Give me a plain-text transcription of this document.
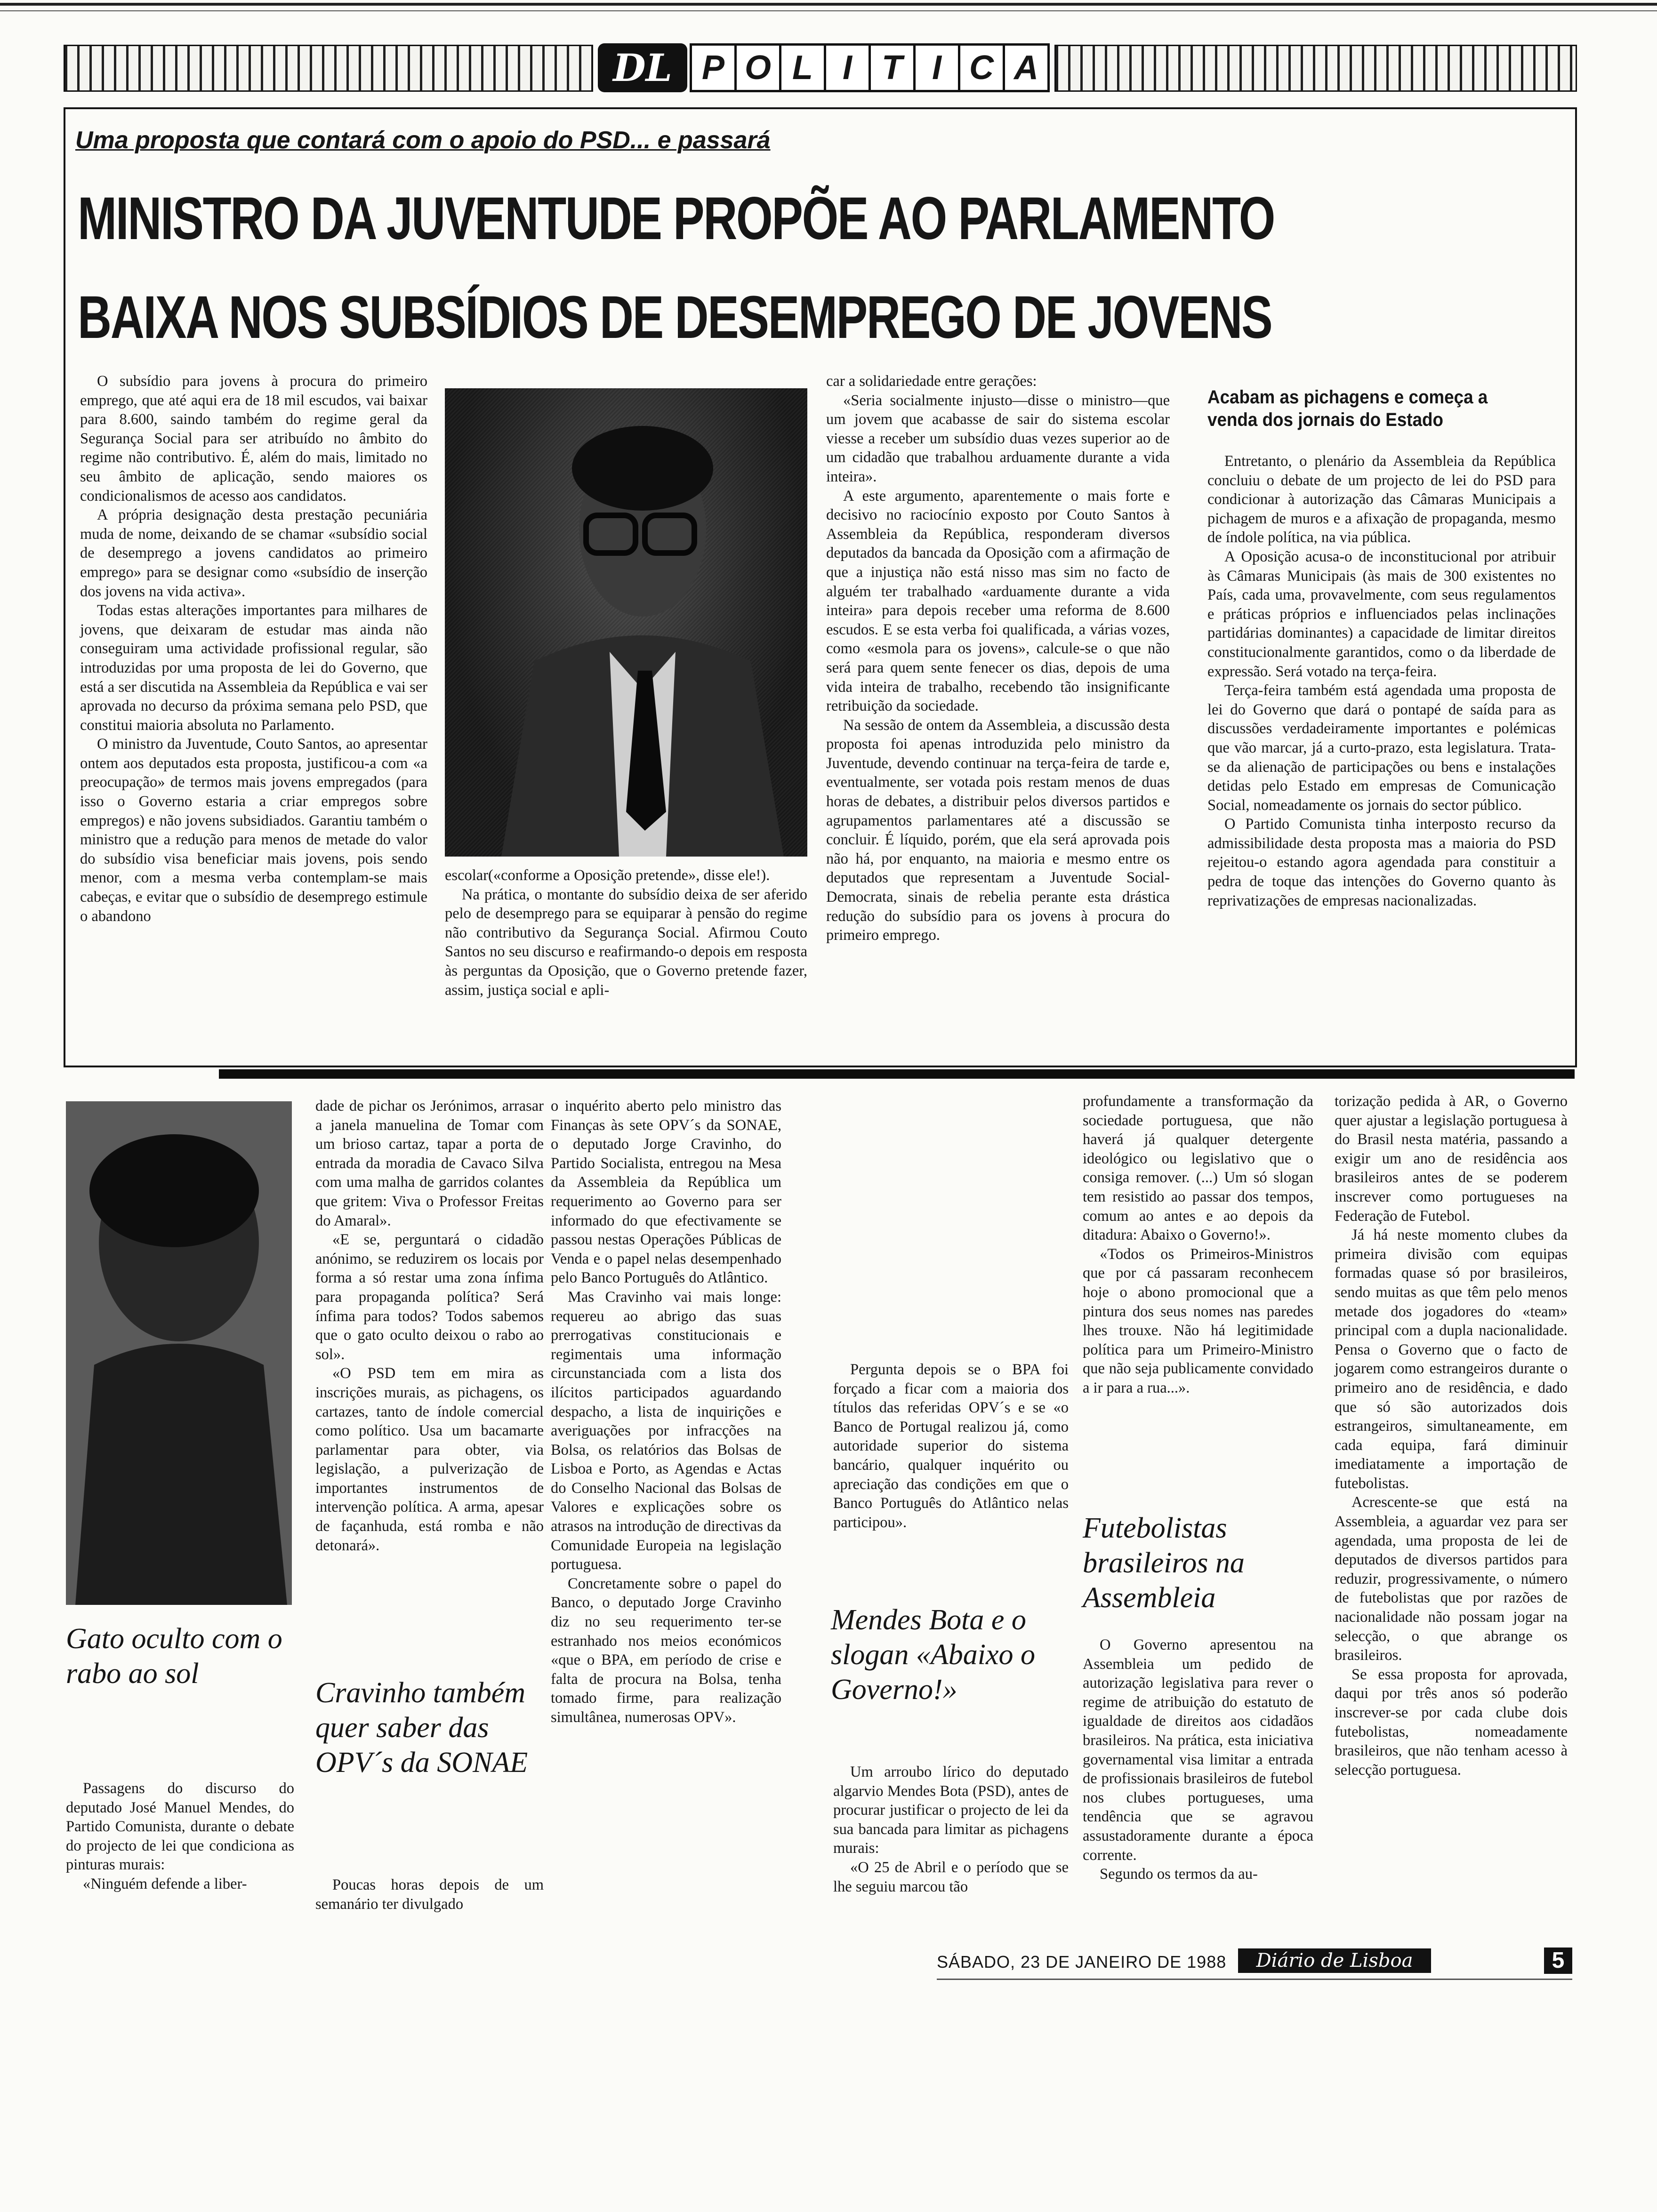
DL P O L I T I C A
Uma proposta que contará com o apoio do PSD... e passará
MINISTRO DA JUVENTUDE PROPÕE AO PARLAMENTO
BAIXA NOS SUBSÍDIOS DE DESEMPREGO DE JOVENS

O subsídio para jovens à procura do primeiro emprego, que até aqui era de 18 mil escudos, vai baixar para 8.600, saindo também do regime geral da Segurança Social para ser atribuído no âmbito do regime não contributivo. É, além do mais, limitado no seu âmbito de aplicação, sendo maiores os condicionalismos de acesso aos candidatos.

A própria designação desta prestação pecuniária muda de nome, deixando de se chamar «subsídio social de desemprego a jovens candidatos ao primeiro emprego» para se designar como «subsídio de inserção dos jovens na vida activa».

Todas estas alterações importantes para milhares de jovens, que deixaram de estudar mas ainda não conseguiram uma actividade profissional regular, são introduzidas por uma proposta de lei do Governo, que está a ser discutida na Assembleia da República e vai ser aprovada no decurso da próxima semana pelo PSD, que constitui maioria absoluta no Parlamento.

O ministro da Juventude, Couto Santos, ao apresentar ontem aos deputados esta proposta, justificou-a com «a preocupação» de termos mais jovens empregados (para isso o Governo estaria a criar empregos sobre empregos) e não jovens subsidiados. Garantiu também o ministro que a redução para menos de metade do valor do subsídio visa beneficiar mais jovens, pois sendo menor, com a mesma verba contemplam-se mais cabeças, e evitar que o subsídio de desemprego estimule o abandono

escolar(«conforme a Oposição pretende», disse ele!).

Na prática, o montante do subsídio deixa de ser aferido pelo de desemprego para se equiparar à pensão do regime não contributivo da Segurança Social. Afirmou Couto Santos no seu discurso e reafirmando-o depois em resposta às perguntas da Oposição, que o Governo pretende fazer, assim, justiça social e apli-

car a solidariedade entre gerações:

«Seria socialmente injusto—disse o ministro—que um jovem que acabasse de sair do sistema escolar viesse a receber um subsídio duas vezes superior ao de um cidadão que trabalhou arduamente durante a vida inteira».

A este argumento, aparentemente o mais forte e decisivo no raciocínio exposto por Couto Santos à Assembleia da República, responderam diversos deputados da bancada da Oposição com a afirmação de que a injustiça não está nisso mas sim no facto de alguém ter trabalhado «arduamente durante a vida inteira» para depois receber uma reforma de 8.600 escudos. E se esta verba foi qualificada, a várias vozes, como «esmola para os jovens», calcule-se o que não será para quem sente fenecer os dias, depois de uma vida inteira de trabalho, recebendo tão insignificante retribuição da sociedade.

Na sessão de ontem da Assembleia, a discussão desta proposta foi apenas introduzida pelo ministro da Juventude, devendo continuar na terça-feira de tarde e, eventualmente, ser votada pois restam menos de duas horas de debates, a distribuir pelos diversos partidos e agrupamentos parlamentares até a discussão se concluir. É líquido, porém, que ela será aprovada pois não há, por enquanto, na maioria e mesmo entre os deputados que representam a Juventude Social-Democrata, sinais de rebelia perante esta drástica redução do subsídio para os jovens à procura do primeiro emprego.

Acabam as pichagens e começa a venda dos jornais do Estado

Entretanto, o plenário da Assembleia da República concluiu o debate de um projecto de lei do PSD para condicionar à autorização das Câmaras Municipais a pichagem de muros e a afixação de propaganda, mesmo de índole política, na via pública.

A Oposição acusa-o de inconstitucional por atribuir às Câmaras Municipais (às mais de 300 existentes no País, cada uma, provavelmente, com seus regulamentos e práticas próprios e influenciados pelas inclinações partidárias dominantes) a capacidade de limitar direitos constitucionalmente garantidos, como o da liberdade de expressão. Será votado na terça-feira.

Terça-feira também está agendada uma proposta de lei do Governo que dará o pontapé de saída para as discussões verdadeiramente importantes e polémicas que vão marcar, já a curto-prazo, esta legislatura. Trata-se da alienação de participações ou bens e instalações detidas pelo Estado em empresas de Comunicação Social, nomeadamente os jornais do sector público.

O Partido Comunista tinha interposto recurso da admissibilidade desta proposta mas a maioria do PSD rejeitou-o estando agora agendada para constituir a pedra de toque das intenções do Governo quanto às reprivatizações de empresas nacionalizadas.

Gato oculto com o rabo ao sol

Passagens do discurso do deputado José Manuel Mendes, do Partido Comunista, durante o debate do projecto de lei que condiciona as pinturas murais:

«Ninguém defende a liber-

dade de pichar os Jerónimos, arrasar a janela manuelina de Tomar com um brioso cartaz, tapar a porta de entrada da moradia de Cavaco Silva com uma malha de garridos colantes que gritem: Viva o Professor Freitas do Amaral».

«E se, perguntará o cidadão anónimo, se reduzirem os locais por forma a só restar uma zona ínfima para propaganda política? Será ínfima para todos? Todos sabemos que o gato oculto deixou o rabo ao sol».

«O PSD tem em mira as inscrições murais, as pichagens, os cartazes, tanto de índole comercial como político. Usa um bacamarte parlamentar para obter, via legislação, a pulverização de importantes instrumentos de intervenção política. A arma, apesar de façanhuda, está romba e não detonará».

Cravinho também quer saber das OPV´s da SONAE

Poucas horas depois de um semanário ter divulgado

o inquérito aberto pelo ministro das Finanças às sete OPV´s da SONAE, o deputado Jorge Cravinho, do Partido Socialista, entregou na Mesa da Assembleia da República um requerimento ao Governo para ser informado do que efectivamente se passou nestas Operações Públicas de Venda e o papel nelas desempenhado pelo Banco Português do Atlântico.

Mas Cravinho vai mais longe: requereu ao abrigo das suas prerrogativas constitucionais e regimentais uma informação circunstanciada com a lista dos ilícitos participados aguardando despacho, a lista de inquirições e averiguações por infracções na Bolsa, os relatórios das Bolsas de Lisboa e Porto, as Agendas e Actas do Conselho Nacional das Bolsas de Valores e explicações sobre os atrasos na introdução de directivas da Comunidade Europeia na legislação portuguesa.

Concretamente sobre o papel do Banco, o deputado Jorge Cravinho diz no seu requerimento ter-se estranhado nos meios económicos «que o BPA, em período de crise e falta de procura na Bolsa, tenha tomado firme, para realização simultânea, numerosas OPV».

Pergunta depois se o BPA foi forçado a ficar com a maioria dos títulos das referidas OPV´s e se «o Banco de Portugal realizou já, como autoridade superior do sistema bancário, qualquer inquérito ou apreciação das condições em que o Banco Português do Atlântico nelas participou».

Mendes Bota e o slogan «Abaixo o Governo!»

Um arroubo lírico do deputado algarvio Mendes Bota (PSD), antes de procurar justificar o projecto de lei da sua bancada para limitar as pichagens murais:

«O 25 de Abril e o período que se lhe seguiu marcou tão

profundamente a transformação da sociedade portuguesa, que não haverá já qualquer detergente ideológico ou legislativo que o consiga remover. (...) Um só slogan tem resistido ao passar dos tempos, comum ao antes e ao depois da ditadura: Abaixo o Governo!».

«Todos os Primeiros-Ministros que por cá passaram reconhecem hoje o abono promocional que a pintura dos seus nomes nas paredes lhes trouxe. Não há legitimidade política para um Primeiro-Ministro que não seja publicamente convidado a ir para a rua...».

Futebolistas brasileiros na Assembleia

O Governo apresentou na Assembleia um pedido de autorização legislativa para rever o regime de atribuição do estatuto de igualdade de direitos aos cidadãos brasileiros. Na prática, esta iniciativa governamental visa limitar a entrada de profissionais brasileiros de futebol nos clubes portugueses, uma tendência que se agravou assustadoramente durante a época corrente.

Segundo os termos da au-

torização pedida à AR, o Governo quer ajustar a legislação portuguesa à do Brasil nesta matéria, passando a exigir um ano de residência aos brasileiros antes de se poderem inscrever como portugueses na Federação de Futebol.

Já há neste momento clubes da primeira divisão com equipas formadas quase só por brasileiros, sendo muitas as que têm pelo menos metade dos jogadores do «team» principal com a dupla nacionalidade. Pensa o Governo que o facto de jogarem como estrangeiros durante o primeiro ano de residência, e dado que só são autorizados dois estrangeiros, simultaneamente, em cada equipa, fará diminuir imediatamente a importação de futebolistas.

Acrescente-se que está na Assembleia, a aguardar vez para ser agendada, uma proposta de lei de deputados de diversos partidos para reduzir, progressivamente, o número de futebolistas que por razões de nacionalidade não possam jogar na selecção, o que abrange os brasileiros.

Se essa proposta for aprovada, daqui por três anos só poderão inscrever-se por cada clube dois futebolistas, nomeadamente brasileiros, que não tenham acesso à selecção portuguesa.

SÁBADO, 23 DE JANEIRO DE 1988	Diário de Lisboa	5
